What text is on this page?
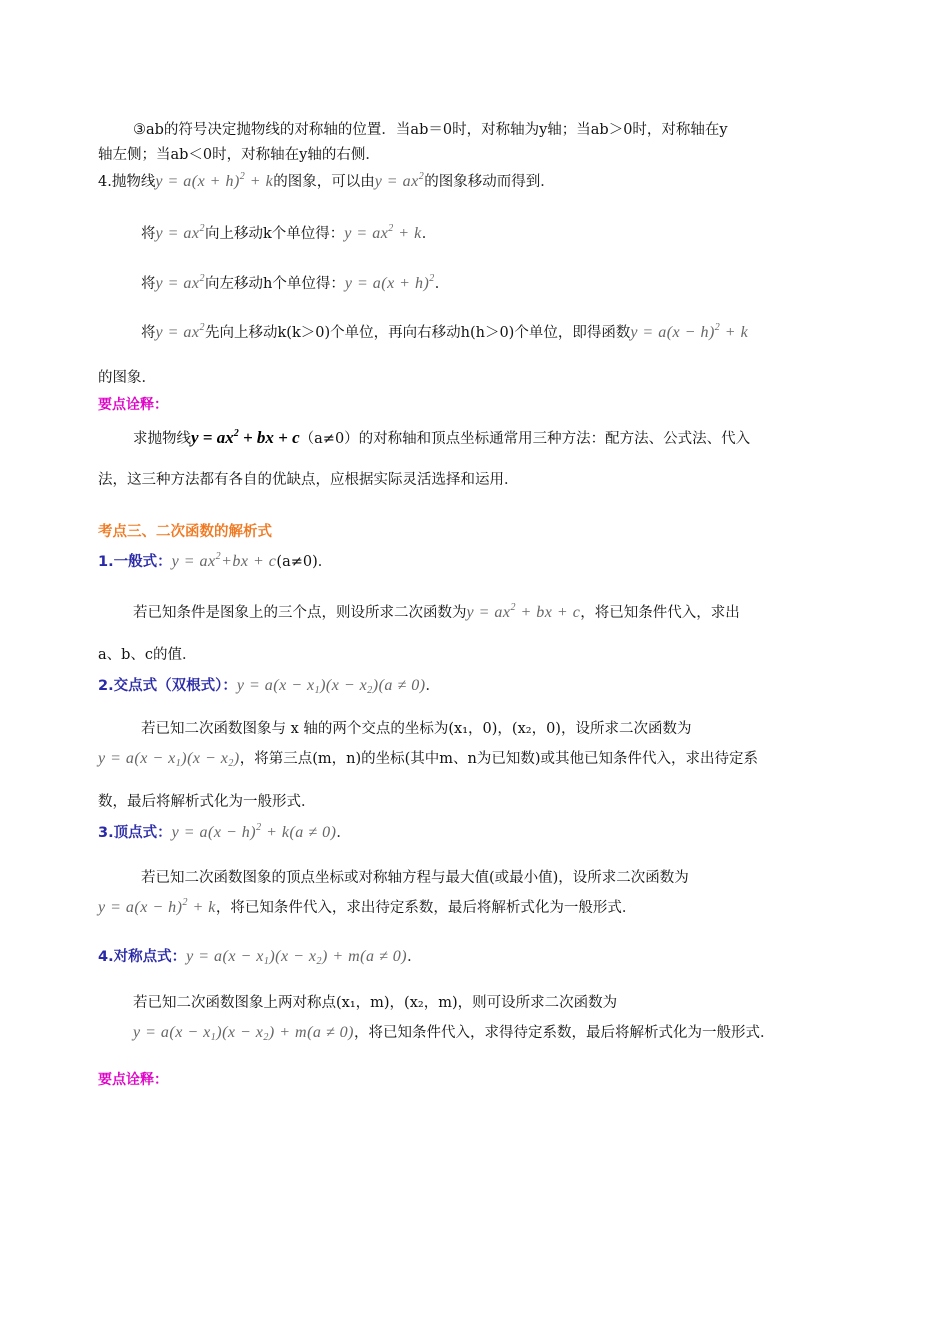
③ab的符号决定抛物线的对称轴的位置．当ab＝0时，对称轴为y轴；当ab＞0时，对称轴在y
轴左侧；当ab＜0时，对称轴在y轴的右侧．
4.抛物线$y = a(x + h)^2 + k$的图象，可以由$y = ax^2$的图象移动而得到．
将$y = ax^2$向上移动k个单位得：$y = ax^2 + k$．
将$y = ax^2$向左移动h个单位得：$y = a(x + h)^2$．
将$y = ax^2$先向上移动k(k＞0)个单位，再向右移动h(h＞0)个单位，即得函数$y = a(x - h)^2 + k$
的图象．
要点诠释：
求抛物线$y = ax^2$ + bx + c（a≠0）的对称轴和顶点坐标通常用三种方法：配方法、公式法、代入
法，这三种方法都有各自的优缺点，应根据实际灵活选择和运用．
考点三、二次函数的解析式
1.一般式：$y = ax^2+bx + c(a\ne 0)$．
若已知条件是图象上的三个点，则设所求二次函数为$y = ax^2$ + bx + c，将已知条件代入，求出
a、b、c的值．
2.交点式（双根式）：$y = a(x - x_1)(x - x_2)(a \ne 0)$．
若已知二次函数图象与 x 轴的两个交点的坐标为(x₁，0)，(x₂，0)，设所求二次函数为
$y = a(x - x_1)(x - x_2)$，将第三点(m，n)的坐标(其中m、n为已知数)或其他已知条件代入，求出待定系
数，最后将解析式化为一般形式．
3.顶点式：$y = a(x - h)^2 + k(a \ne 0)$．
若已知二次函数图象的顶点坐标或对称轴方程与最大值(或最小值)，设所求二次函数为
$y = a(x - h)^2 + k$，将已知条件代入，求出待定系数，最后将解析式化为一般形式．
4.对称点式：$y = a(x - x_1)(x - x_2) + m(a \ne 0)$．
若已知二次函数图象上两对称点(x₁，m)，(x₂，m)，则可设所求二次函数为
$y = a(x - x_1)(x - x_2) + m(a \ne 0)$，将已知条件代入，求得待定系数，最后将解析式化为一般形式．
要点诠释：
